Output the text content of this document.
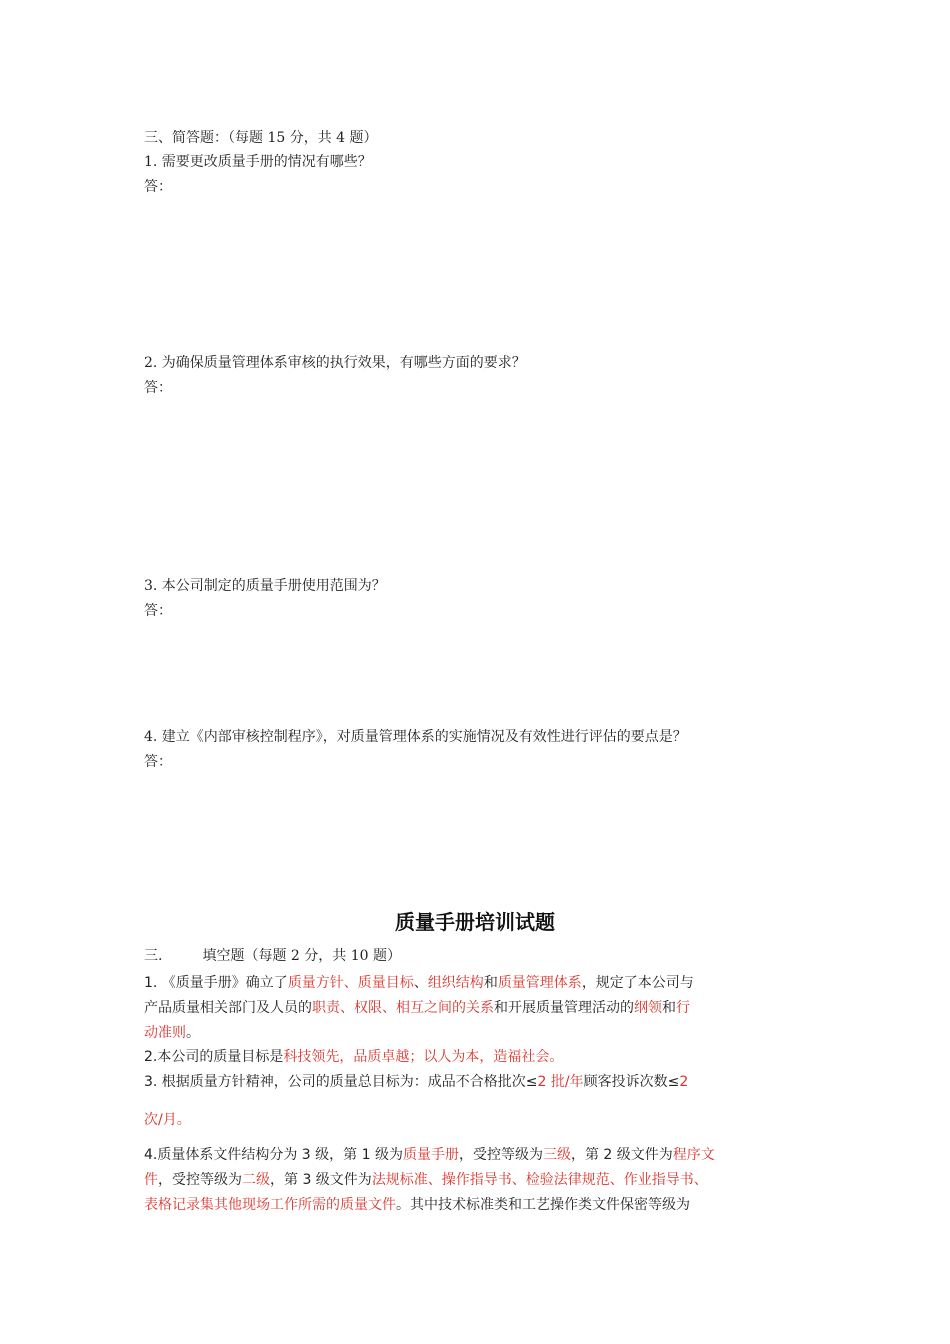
三、简答题：（每题 15 分，共 4 题）
1. 需要更改质量手册的情况有哪些？
答：
2. 为确保质量管理体系审核的执行效果，有哪些方面的要求？
答：
3. 本公司制定的质量手册使用范围为？
答：
4. 建立《内部审核控制程序》，对质量管理体系的实施情况及有效性进行评估的要点是？
答：
质量手册培训试题
三.	填空题（每题 2 分，共 10 题）
1. 《质量手册》确立了质量方针、质量目标、组织结构和质量管理体系，规定了本公司与
产品质量相关部门及人员的职责、权限、相互之间的关系和开展质量管理活动的纲领和行
动准则。
2.本公司的质量目标是科技领先，品质卓越；以人为本，造福社会。
3. 根据质量方针精神，公司的质量总目标为：成品不合格批次≤2 批/年顾客投诉次数≤2
次/月。
4.质量体系文件结构分为 3 级，第 1 级为质量手册，受控等级为三级，第 2 级文件为程序文
件，受控等级为二级，第 3 级文件为法规标准、操作指导书、检验法律规范、作业指导书、
表格记录集其他现场工作所需的质量文件。其中技术标准类和工艺操作类文件保密等级为
